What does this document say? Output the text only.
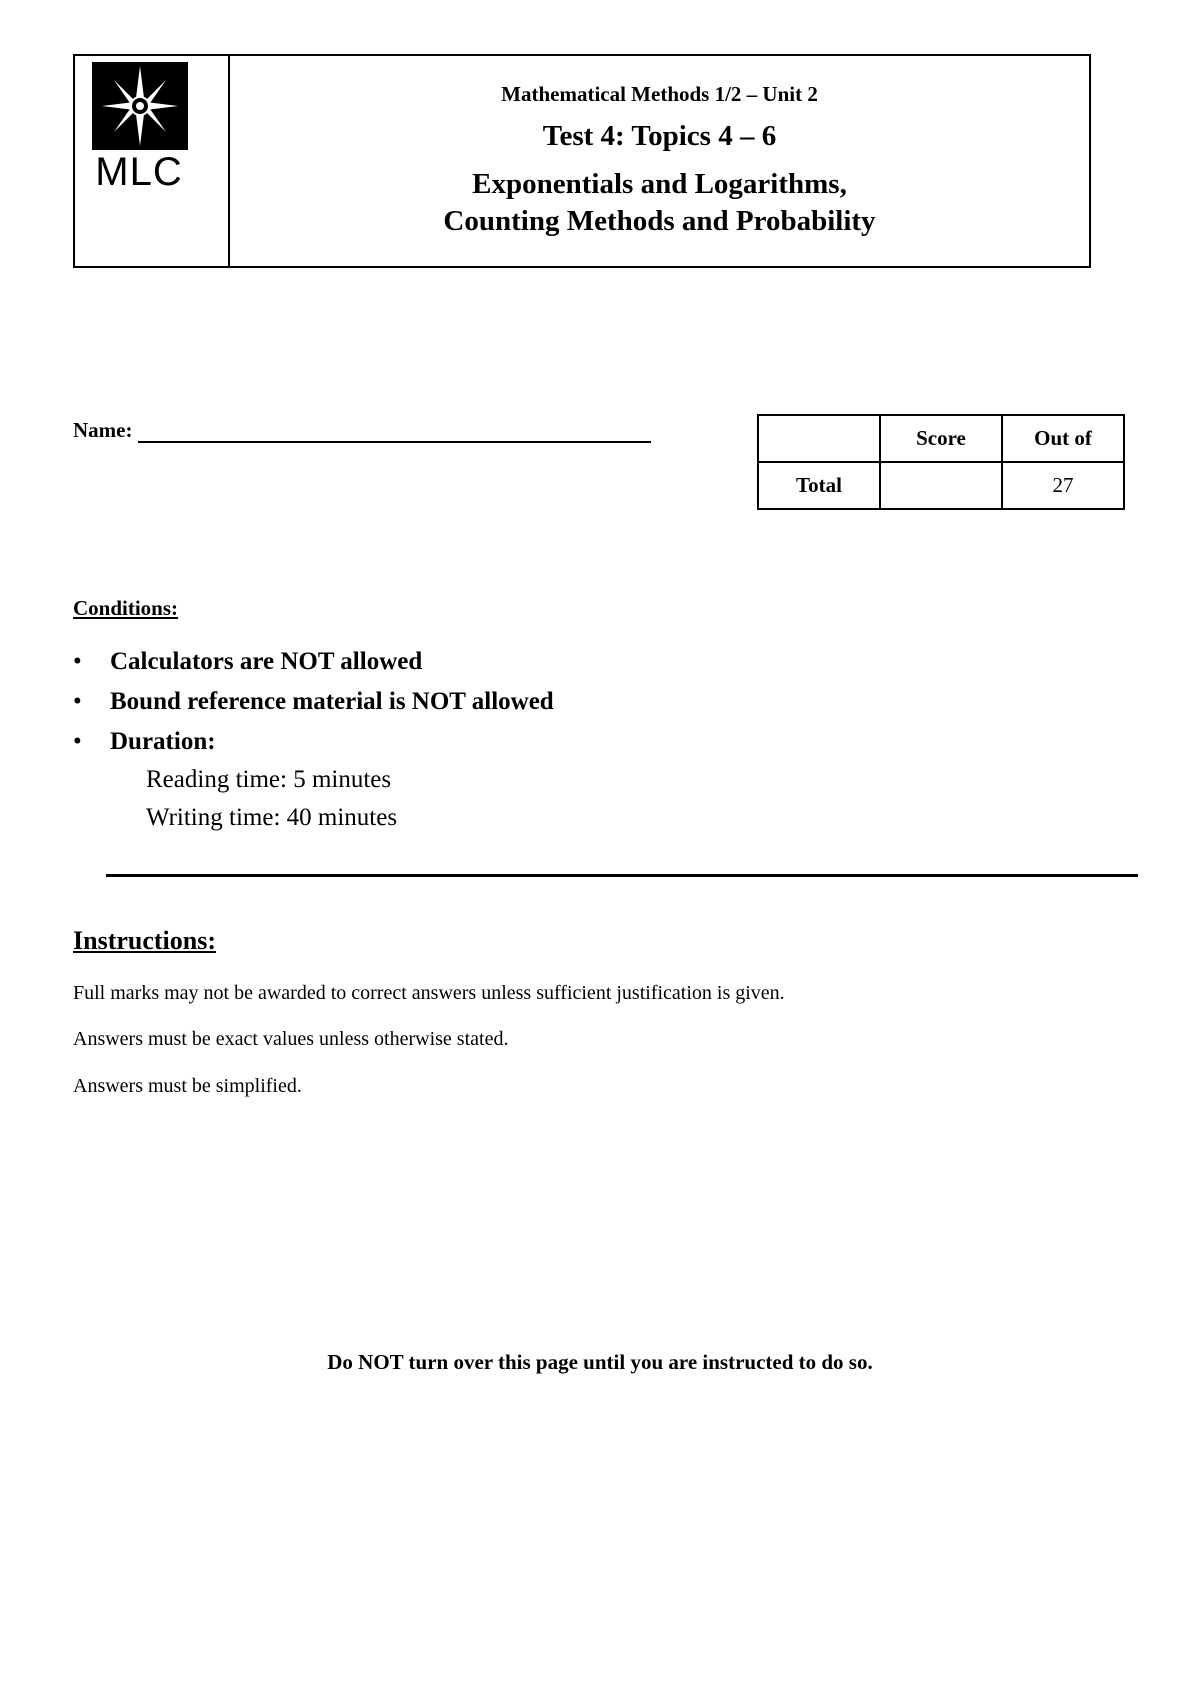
MLC

Mathematical Methods 1/2 – Unit 2

Test 4: Topics 4 – 6

Exponentials and Logarithms,
Counting Methods and Probability

Name:
		Score	Out of
Total		27

Conditions:

• Calculators are NOT allowed
• Bound reference material is NOT allowed
• Duration:
Reading time: 5 minutes
Writing time: 40 minutes

Instructions:

Full marks may not be awarded to correct answers unless sufficient justification is given.

Answers must be exact values unless otherwise stated.

Answers must be simplified.

Do NOT turn over this page until you are instructed to do so.
